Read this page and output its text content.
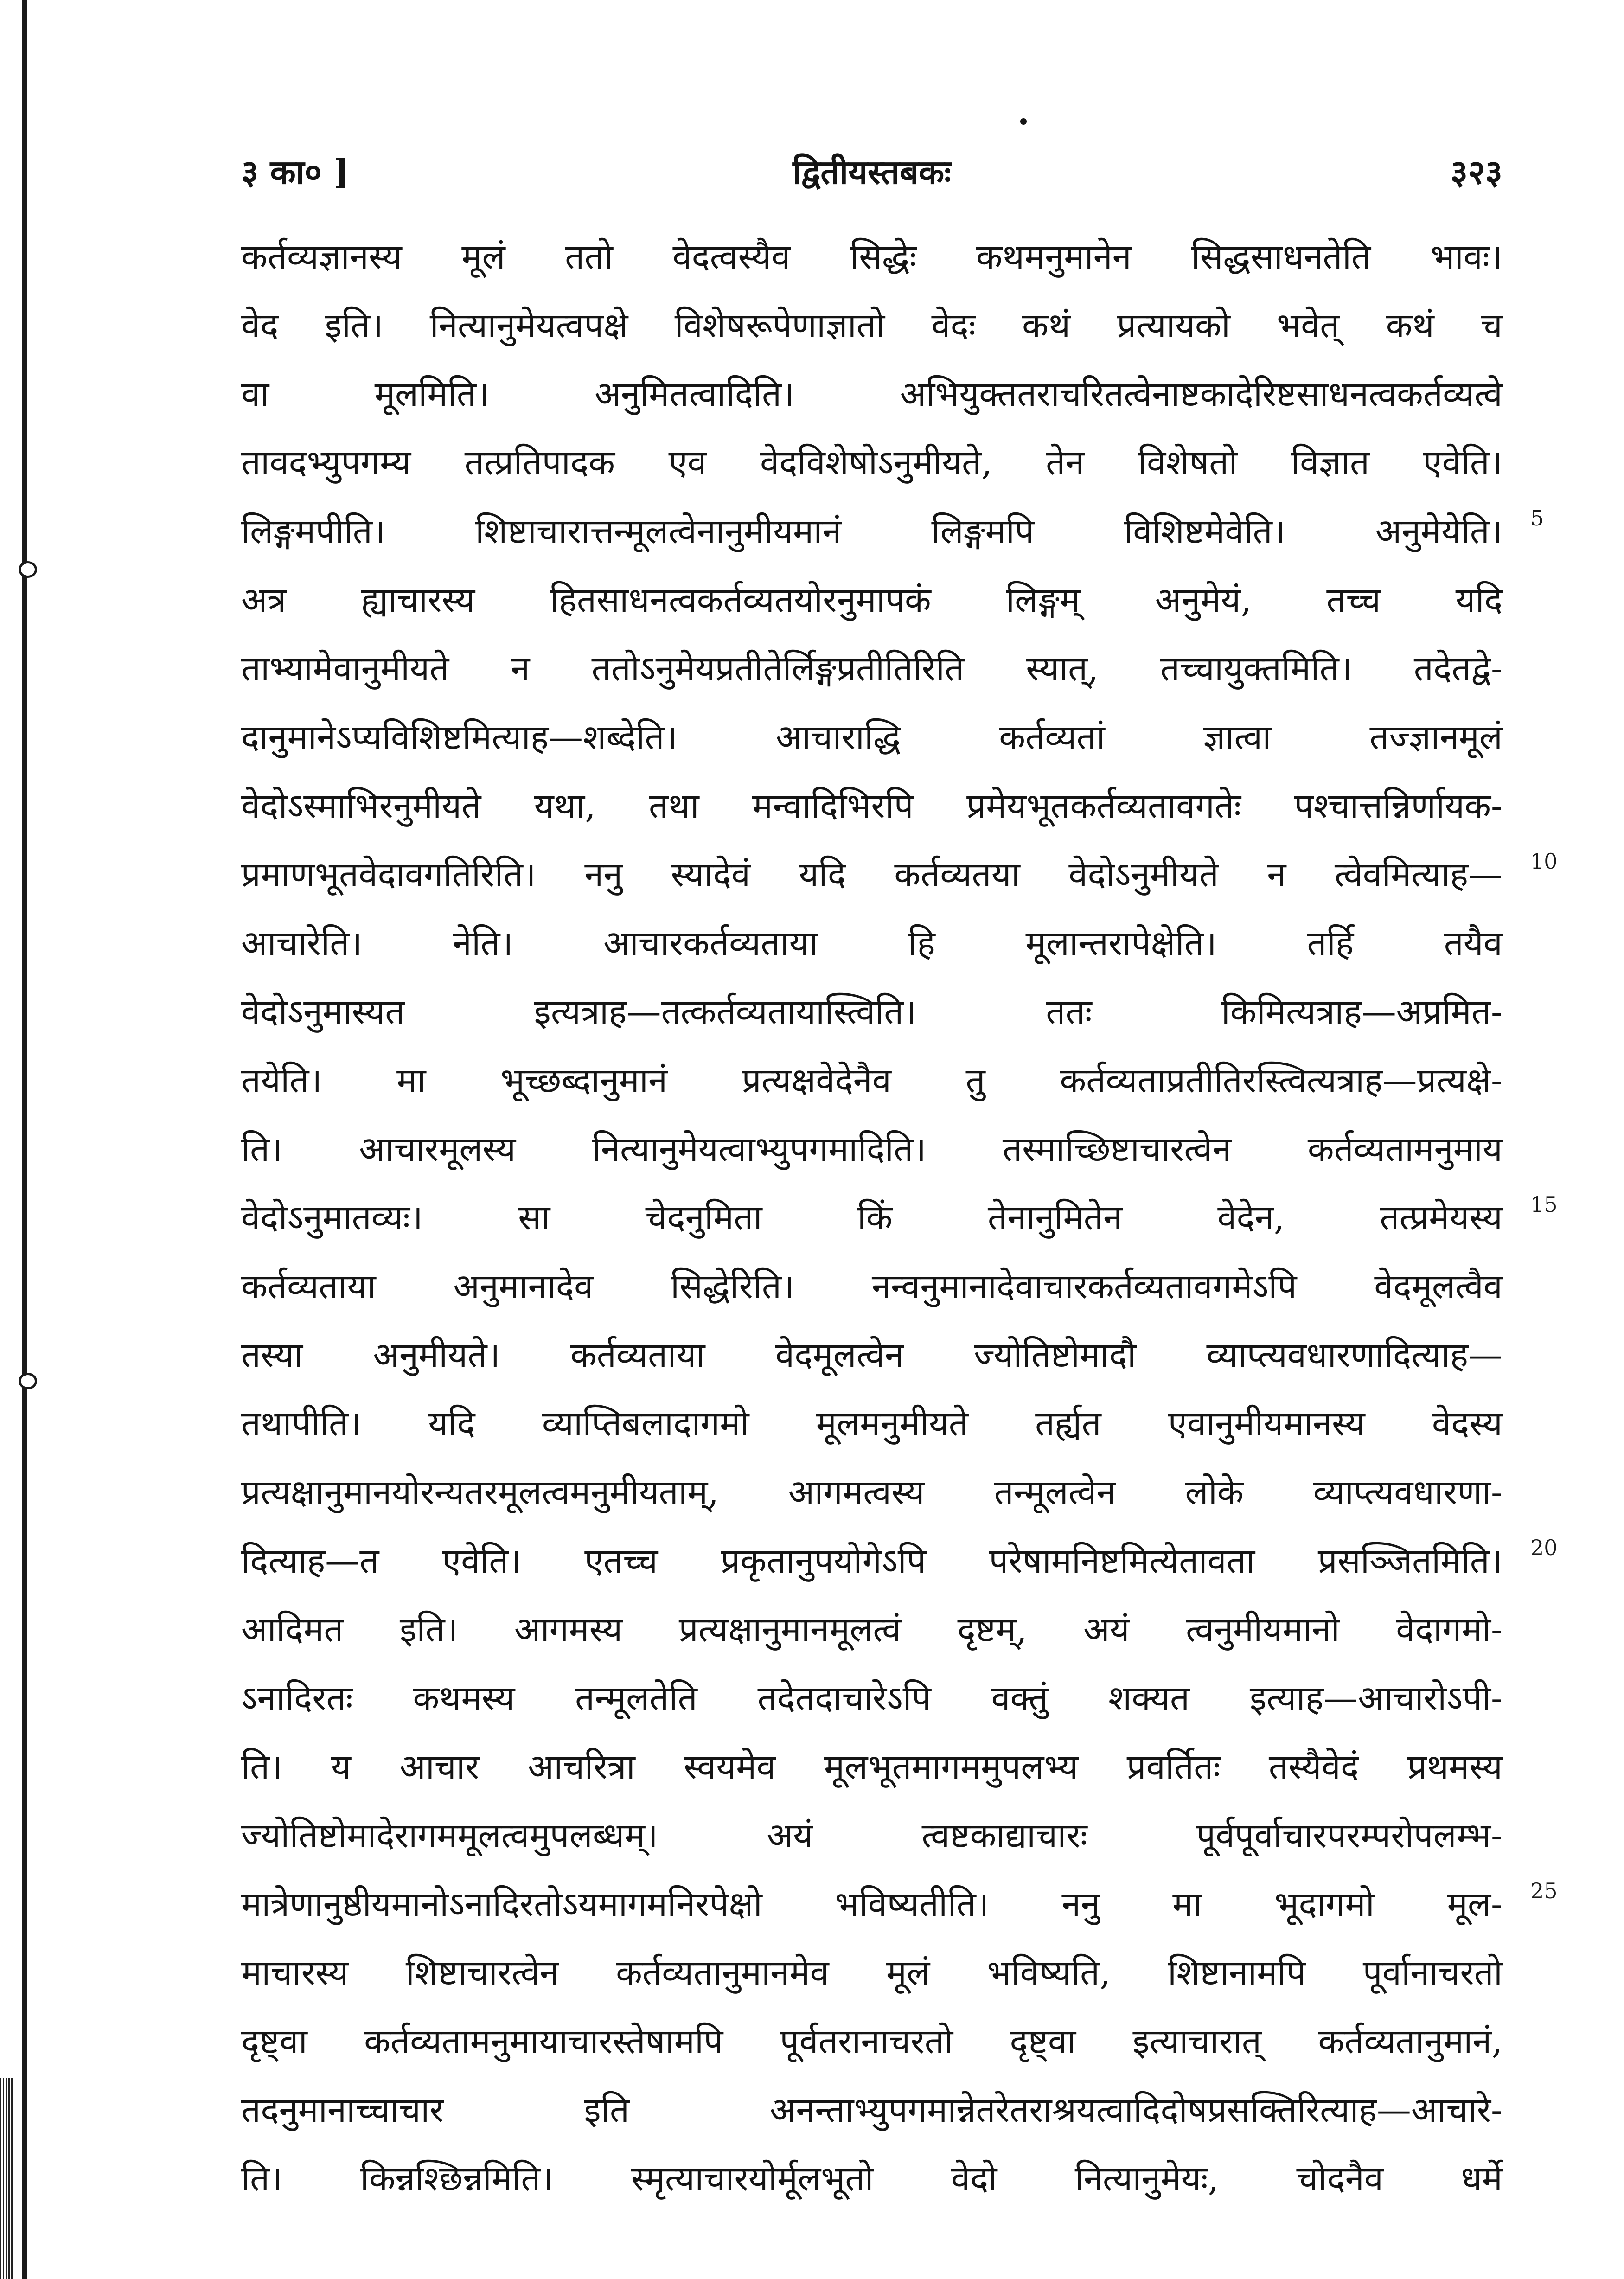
३ का० ]	द्वितीयस्तबकः	३२३
कर्तव्यज्ञानस्य मूलं ततो वेदत्वस्यैव सिद्धेः कथमनुमानेन सिद्धसाधनतेति भावः।
वेद इति। नित्यानुमेयत्वपक्षे विशेषरूपेणाज्ञातो वेदः कथं प्रत्यायको भवेत् कथं च
वा मूलमिति। अनुमितत्वादिति। अभियुक्ततराचरितत्वेनाष्टकादेरिष्टसाधनत्वकर्तव्यत्वे
तावदभ्युपगम्य तत्प्रतिपादक एव वेदविशेषोऽनुमीयते, तेन विशेषतो विज्ञात एवेति।
लिङ्गमपीति। शिष्टाचारात्तन्मूलत्वेनानुमीयमानं लिङ्गमपि विशिष्टमेवेति। अनुमेयेति।
अत्र ह्याचारस्य हितसाधनत्वकर्तव्यतयोरनुमापकं लिङ्गम् अनुमेयं, तच्च यदि
ताभ्यामेवानुमीयते न ततोऽनुमेयप्रतीतेर्लिङ्गप्रतीतिरिति स्यात्, तच्चायुक्तमिति। तदेतद्वे-
दानुमानेऽप्यविशिष्टमित्याह—शब्देति। आचाराद्धि कर्तव्यतां ज्ञात्वा तज्ज्ञानमूलं
वेदोऽस्माभिरनुमीयते यथा, तथा मन्वादिभिरपि प्रमेयभूतकर्तव्यतावगतेः पश्चात्तन्निर्णायक-
प्रमाणभूतवेदावगतिरिति। ननु स्यादेवं यदि कर्तव्यतया वेदोऽनुमीयते न त्वेवमित्याह—
आचारेति। नेति। आचारकर्तव्यताया हि मूलान्तरापेक्षेति। तर्हि तयैव
वेदोऽनुमास्यत इत्यत्राह—तत्कर्तव्यतायास्त्विति। ततः किमित्यत्राह—अप्रमित-
तयेति। मा भूच्छब्दानुमानं प्रत्यक्षवेदेनैव तु कर्तव्यताप्रतीतिरस्त्वित्यत्राह—प्रत्यक्षे-
ति। आचारमूलस्य नित्यानुमेयत्वाभ्युपगमादिति। तस्माच्छिष्टाचारत्वेन कर्तव्यतामनुमाय
वेदोऽनुमातव्यः। सा चेदनुमिता किं तेनानुमितेन वेदेन, तत्प्रमेयस्य
कर्तव्यताया अनुमानादेव सिद्धेरिति। नन्वनुमानादेवाचारकर्तव्यतावगमेऽपि वेदमूलत्वैव
तस्या अनुमीयते। कर्तव्यताया वेदमूलत्वेन ज्योतिष्टोमादौ व्याप्त्यवधारणादित्याह—
तथापीति। यदि व्याप्तिबलादागमो मूलमनुमीयते तर्ह्यत एवानुमीयमानस्य वेदस्य
प्रत्यक्षानुमानयोरन्यतरमूलत्वमनुमीयताम्, आगमत्वस्य तन्मूलत्वेन लोके व्याप्त्यवधारणा-
दित्याह—त एवेति। एतच्च प्रकृतानुपयोगेऽपि परेषामनिष्टमित्येतावता प्रसञ्जितमिति।
आदिमत इति। आगमस्य प्रत्यक्षानुमानमूलत्वं दृष्टम्, अयं त्वनुमीयमानो वेदागमो-
ऽनादिरतः कथमस्य तन्मूलतेति तदेतदाचारेऽपि वक्तुं शक्यत इत्याह—आचारोऽपी-
ति। य आचार आचरित्रा स्वयमेव मूलभूतमागममुपलभ्य प्रवर्तितः तस्यैवेदं प्रथमस्य
ज्योतिष्टोमादेरागममूलत्वमुपलब्धम्। अयं त्वष्टकाद्याचारः पूर्वपूर्वाचारपरम्परोपलम्भ-
मात्रेणानुष्ठीयमानोऽनादिरतोऽयमागमनिरपेक्षो भविष्यतीति। ननु मा भूदागमो मूल-
माचारस्य शिष्टाचारत्वेन कर्तव्यतानुमानमेव मूलं भविष्यति, शिष्टानामपि पूर्वानाचरतो
दृष्ट्वा कर्तव्यतामनुमायाचारस्तेषामपि पूर्वतरानाचरतो दृष्ट्वा इत्याचारात् कर्तव्यतानुमानं,
तदनुमानाच्चाचार इति अनन्ताभ्युपगमान्नेतरेतराश्रयत्वादिदोषप्रसक्तिरित्याह—आचारे-
ति। किन्नश्छिन्नमिति। स्मृत्याचारयोर्मूलभूतो वेदो नित्यानुमेयः, चोदनैव धर्मे
5
10
15
20
25
